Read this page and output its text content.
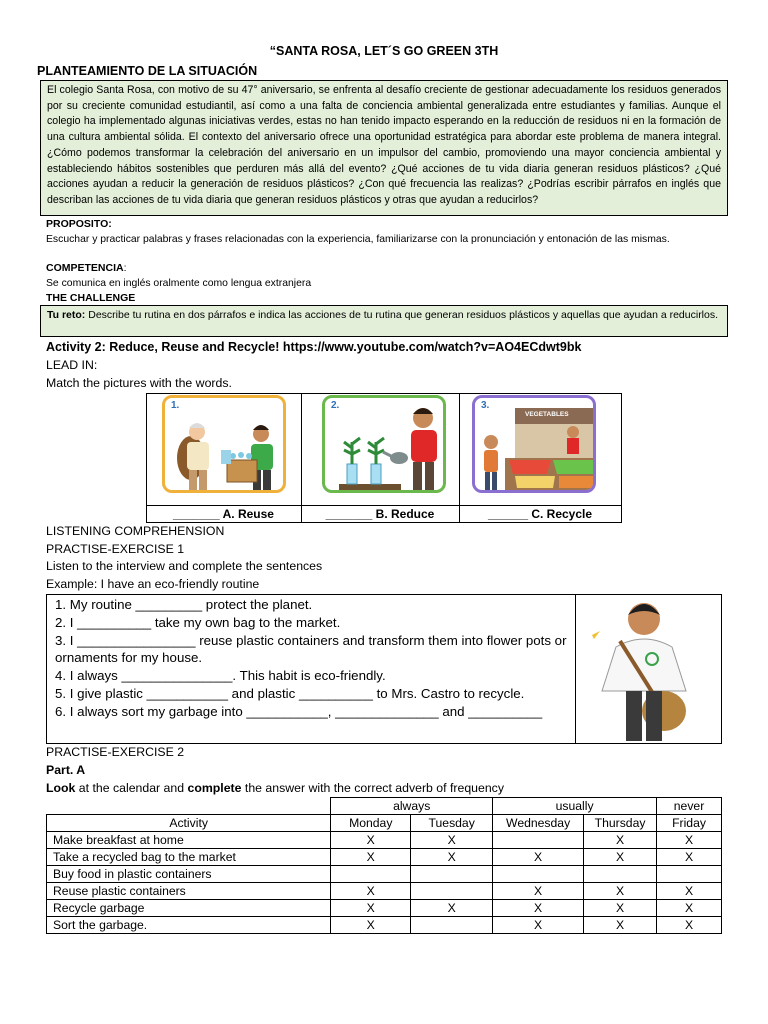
“SANTA ROSA, LET´S GO GREEN 3TH
PLANTEAMIENTO DE LA SITUACIÓN
El colegio Santa Rosa, con motivo de su 47° aniversario, se enfrenta al desafío creciente de gestionar adecuadamente los residuos generados por su creciente comunidad estudiantil, así como a una falta de conciencia ambiental generalizada entre estudiantes y familias. Aunque el colegio ha implementado algunas iniciativas verdes, estas no han tenido impacto esperando en la reducción de residuos ni en la formación de una cultura ambiental sólida. El contexto del aniversario ofrece una oportunidad estratégica para abordar este problema de manera integral. ¿Cómo podemos transformar la celebración del aniversario en un impulsor del cambio, promoviendo una mayor conciencia ambiental y estableciendo hábitos sostenibles que perduren más allá del evento? ¿Qué acciones de tu vida diaria generan residuos plásticos? ¿Qué acciones ayudan a reducir la generación de residuos plásticos? ¿Con qué frecuencia las realizas? ¿Podrías escribir párrafos en inglés que describan las acciones de tu vida diaria que generan residuos plásticos y otras que ayudan a reducirlos?
PROPOSITO:
Escuchar y practicar palabras y frases relacionadas con la experiencia, familiarizarse con la pronunciación y entonación de las mismas.
COMPETENCIA:
Se comunica en inglés oralmente como lengua extranjera
THE CHALLENGE
Tu reto: Describe tu rutina en dos párrafos e indica las acciones de tu rutina que generan residuos plásticos y aquellas que ayudan a reducirlos.
Activity 2: Reduce, Reuse and Recycle! https://www.youtube.com/watch?v=AO4ECdwt9bk
LEAD IN:
Match the pictures with the words.
1.	2.	3.
VEGETABLES
_______ A. Reuse	_______ B. Reduce	______ C. Recycle
LISTENING COMPREHENSION
PRACTISE-EXERCISE 1
Listen to the interview and complete the sentences
Example: I have an eco-friendly routine
1. My routine _________ protect the planet.
2. I __________ take my own bag to the market.
3. I ________________ reuse plastic containers and transform them into flower pots or ornaments for my house.
4. I always _______________. This habit is eco-friendly.
5. I give plastic ___________ and plastic __________ to Mrs. Castro to recycle.
6. I always sort my garbage into ___________, ______________ and __________
PRACTISE-EXERCISE 2
Part. A
Look at the calendar and complete the answer with the correct adverb of frequency
	always		usually		never
Activity	Monday	Tuesday	Wednesday	Thursday	Friday
Make breakfast at home	X	X		X	X
Take a recycled bag to the market	X	X	X	X	X
Buy food in plastic containers					
Reuse plastic containers	X		X	X	X
Recycle garbage	X	X	X	X	X
Sort the garbage.	X		X	X	X
